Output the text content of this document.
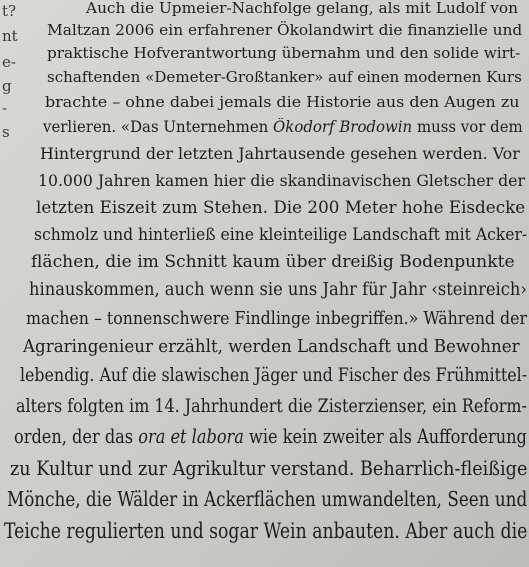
t?
nt
e-
g
-
s
Auch die Upmeier-Nachfolge gelang, als mit Ludolf von
Maltzan 2006 ein erfahrener Ökolandwirt die finanzielle und
praktische Hofverantwortung übernahm und den solide wirt-
schaftenden «Demeter-Großtanker» auf einen modernen Kurs
brachte – ohne dabei jemals die Historie aus den Augen zu
verlieren. «Das Unternehmen Ökodorf Brodowin muss vor dem
Hintergrund der letzten Jahrtausende gesehen werden. Vor
10.000 Jahren kamen hier die skandinavischen Gletscher der
letzten Eiszeit zum Stehen. Die 200 Meter hohe Eisdecke
schmolz und hinterließ eine kleinteilige Landschaft mit Acker-
flächen, die im Schnitt kaum über dreißig Bodenpunkte
hinauskommen, auch wenn sie uns Jahr für Jahr ‹steinreich›
machen – tonnenschwere Findlinge inbegriffen.» Während der
Agraringenieur erzählt, werden Landschaft und Bewohner
lebendig. Auf die slawischen Jäger und Fischer des Frühmittel-
alters folgten im 14. Jahrhundert die Zisterzienser, ein Reform-
orden, der das ora et labora wie kein zweiter als Aufforderung
zu Kultur und zur Agrikultur verstand. Beharrlich-fleißige
Mönche, die Wälder in Ackerflächen umwandelten, Seen und
Teiche regulierten und sogar Wein anbauten. Aber auch die
